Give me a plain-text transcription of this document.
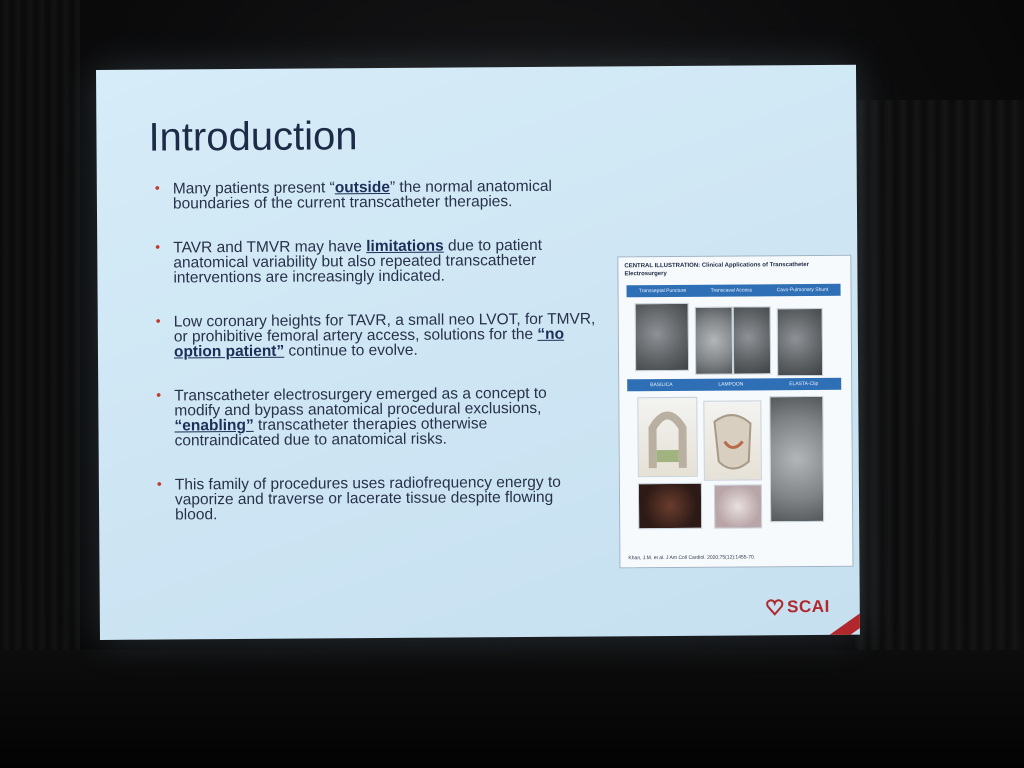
Introduction
• Many patients present “outside” the normal anatomical boundaries of the current transcatheter therapies.
• TAVR and TMVR may have limitations due to patient anatomical variability but also repeated transcatheter interventions are increasingly indicated.
• Low coronary heights for TAVR, a small neo LVOT, for TMVR, or prohibitive femoral artery access, solutions for the “no option patient” continue to evolve.
• Transcatheter electrosurgery emerged as a concept to modify and bypass anatomical procedural exclusions, “enabling” transcatheter therapies otherwise contraindicated due to anatomical risks.
• This family of procedures uses radiofrequency energy to vaporize and traverse or lacerate tissue despite flowing blood.
CENTRAL ILLUSTRATION: Clinical Applications of Transcatheter Electrosurgery
Transseptal Puncture	Transcaval Access	Cavo-Pulmonary Shunt
BASILICA	LAMPOON	ELASTA-Clip
Khan, J.M. et al. J Am Coll Cardiol. 2020;75(12):1455-70.
SCAI
